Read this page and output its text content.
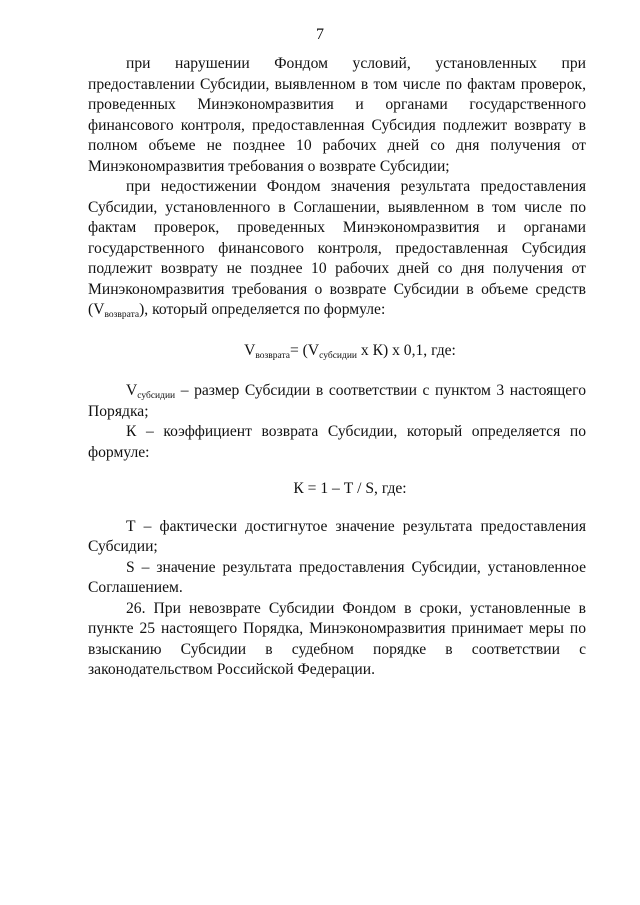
7

при нарушении Фондом условий, установленных при предоставлении Субсидии, выявленном в том числе по фактам проверок, проведенных Минэкономразвития и органами государственного финансового контроля, предоставленная Субсидия подлежит возврату в полном объеме не позднее 10 рабочих дней со дня получения от Минэкономразвития требования о возврате Субсидии;

при недостижении Фондом значения результата предоставления Субсидии, установленного в Соглашении, выявленном в том числе по фактам проверок, проведенных Минэкономразвития и органами государственного финансового контроля, предоставленная Субсидия подлежит возврату не позднее 10 рабочих дней со дня получения от Минэкономразвития требования о возврате Субсидии в объеме средств $(V_{возврата})$, который определяется по формуле:

$V_{возврата}= (V_{субсидии}$ x К) x 0,1, где:

$V_{субсидии}$ – размер Субсидии в соответствии с пунктом 3 настоящего Порядка;

К – коэффициент возврата Субсидии, который определяется по формуле:

К = 1 – Т / S, где:

Т – фактически достигнутое значение результата предоставления Субсидии;

S – значение результата предоставления Субсидии, установленное Соглашением.

26. При невозврате Субсидии Фондом в сроки, установленные в пункте 25 настоящего Порядка, Минэкономразвития принимает меры по взысканию Субсидии в судебном порядке в соответствии с законодательством Российской Федерации.
